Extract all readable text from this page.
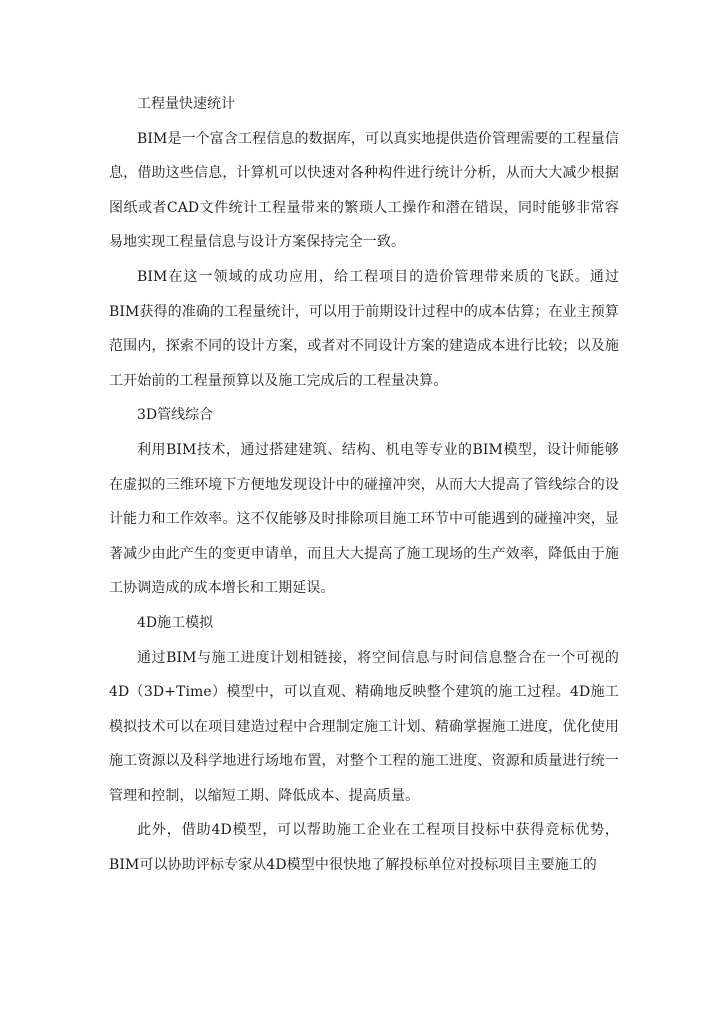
工程量快速统计

BIM是一个富含工程信息的数据库，可以真实地提供造价管理需要的工程量信息，借助这些信息，计算机可以快速对各种构件进行统计分析，从而大大减少根据图纸或者CAD文件统计工程量带来的繁琐人工操作和潜在错误，同时能够非常容易地实现工程量信息与设计方案保持完全一致。

BIM在这一领域的成功应用，给工程项目的造价管理带来质的飞跃。通过BIM获得的准确的工程量统计，可以用于前期设计过程中的成本估算；在业主预算范围内，探索不同的设计方案，或者对不同设计方案的建造成本进行比较；以及施工开始前的工程量预算以及施工完成后的工程量决算。

3D管线综合

利用BIM技术，通过搭建建筑、结构、机电等专业的BIM模型，设计师能够在虚拟的三维环境下方便地发现设计中的碰撞冲突，从而大大提高了管线综合的设计能力和工作效率。这不仅能够及时排除项目施工环节中可能遇到的碰撞冲突，显著减少由此产生的变更申请单，而且大大提高了施工现场的生产效率，降低由于施工协调造成的成本增长和工期延误。

4D施工模拟

通过BIM与施工进度计划相链接，将空间信息与时间信息整合在一个可视的4D（3D+Time）模型中，可以直观、精确地反映整个建筑的施工过程。4D施工模拟技术可以在项目建造过程中合理制定施工计划、精确掌握施工进度，优化使用施工资源以及科学地进行场地布置，对整个工程的施工进度、资源和质量进行统一管理和控制，以缩短工期、降低成本、提高质量。

此外，借助4D模型，可以帮助施工企业在工程项目投标中获得竞标优势，BIM可以协助评标专家从4D模型中很快地了解投标单位对投标项目主要施工的
